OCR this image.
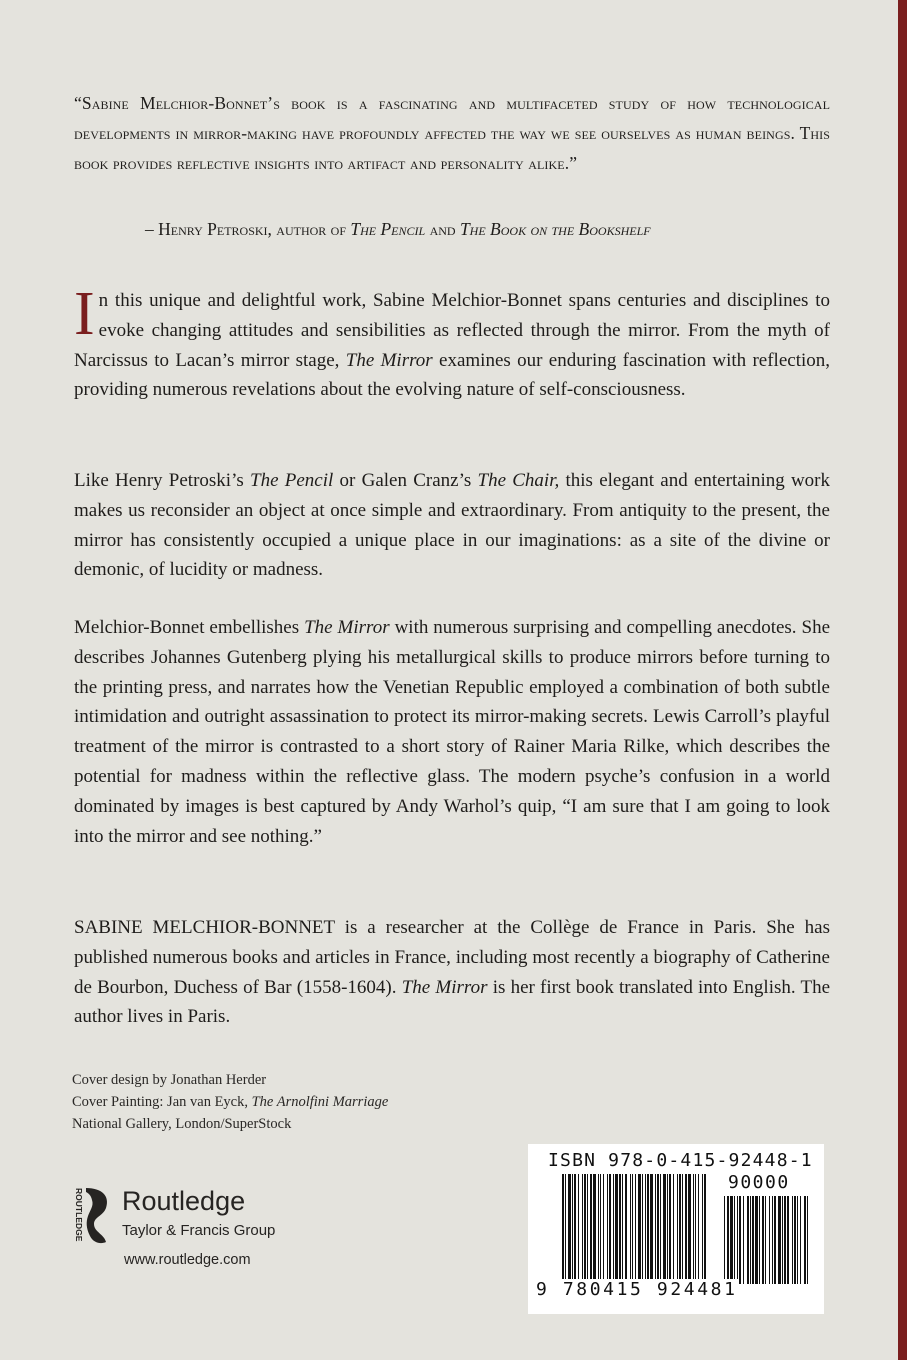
“Sabine Melchior-Bonnet’s book is a fascinating and multifaceted study of how technological developments in mirror-making have profoundly affected the way we see ourselves as human beings. This book provides reflective insights into artifact and personality alike.”
– Henry Petroski, author of The Pencil and The Book on the Bookshelf
In this unique and delightful work, Sabine Melchior-Bonnet spans centuries and disciplines to evoke changing attitudes and sensibilities as reflected through the mirror. From the myth of Narcissus to Lacan’s mirror stage, The Mirror examines our enduring fascination with reflection, providing numerous revelations about the evolving nature of self-consciousness.
Like Henry Petroski’s The Pencil or Galen Cranz’s The Chair, this elegant and entertaining work makes us reconsider an object at once simple and extraordinary. From antiquity to the present, the mirror has consistently occupied a unique place in our imaginations: as a site of the divine or demonic, of lucidity or madness.
Melchior-Bonnet embellishes The Mirror with numerous surprising and compelling anecdotes. She describes Johannes Gutenberg plying his metallurgical skills to produce mirrors before turning to the printing press, and narrates how the Venetian Republic employed a combination of both subtle intimidation and outright assassination to protect its mirror-making secrets. Lewis Carroll’s playful treatment of the mirror is contrasted to a short story of Rainer Maria Rilke, which describes the potential for madness within the reflective glass. The modern psyche’s confusion in a world dominated by images is best captured by Andy Warhol’s quip, “I am sure that I am going to look into the mirror and see nothing.”
SABINE MELCHIOR-BONNET is a researcher at the Collège de France in Paris. She has published numerous books and articles in France, including most recently a biography of Catherine de Bourbon, Duchess of Bar (1558-1604). The Mirror is her first book translated into English. The author lives in Paris.
Cover design by Jonathan Herder
Cover Painting: Jan van Eyck, The Arnolfini Marriage
National Gallery, London/SuperStock
ROUTLEDGE Routledge
Taylor & Francis Group
www.routledge.com
ISBN 978-0-415-92448-1
90000
9 780415 924481
